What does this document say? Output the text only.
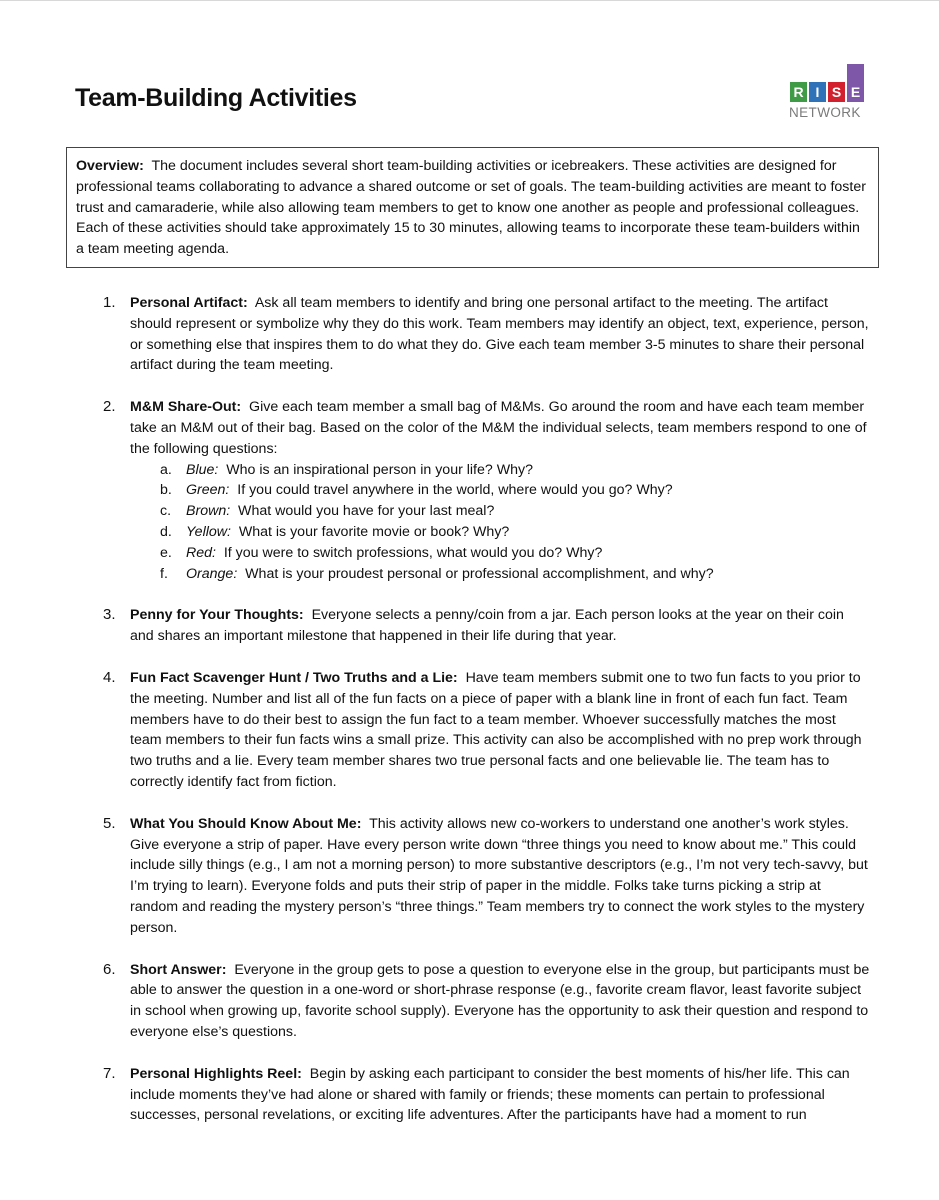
Team-Building Activities	R I S E
NETWORK
Overview: The document includes several short team-building activities or icebreakers. These activities are designed for professional teams collaborating to advance a shared outcome or set of goals. The team-building activities are meant to foster trust and camaraderie, while also allowing team members to get to know one another as people and professional colleagues. Each of these activities should take approximately 15 to 30 minutes, allowing teams to incorporate these team-builders within a team meeting agenda.
1. Personal Artifact: Ask all team members to identify and bring one personal artifact to the meeting. The artifact should represent or symbolize why they do this work. Team members may identify an object, text, experience, person, or something else that inspires them to do what they do. Give each team member 3-5 minutes to share their personal artifact during the team meeting.
2. M&M Share-Out: Give each team member a small bag of M&Ms. Go around the room and have each team member take an M&M out of their bag. Based on the color of the M&M the individual selects, team members respond to one of the following questions:
a. Blue: Who is an inspirational person in your life? Why?
b. Green: If you could travel anywhere in the world, where would you go? Why?
c. Brown: What would you have for your last meal?
d. Yellow: What is your favorite movie or book? Why?
e. Red: If you were to switch professions, what would you do? Why?
f. Orange: What is your proudest personal or professional accomplishment, and why?
3. Penny for Your Thoughts: Everyone selects a penny/coin from a jar. Each person looks at the year on their coin and shares an important milestone that happened in their life during that year.
4. Fun Fact Scavenger Hunt / Two Truths and a Lie: Have team members submit one to two fun facts to you prior to the meeting. Number and list all of the fun facts on a piece of paper with a blank line in front of each fun fact. Team members have to do their best to assign the fun fact to a team member. Whoever successfully matches the most team members to their fun facts wins a small prize. This activity can also be accomplished with no prep work through two truths and a lie. Every team member shares two true personal facts and one believable lie. The team has to correctly identify fact from fiction.
5. What You Should Know About Me: This activity allows new co-workers to understand one another’s work styles. Give everyone a strip of paper. Have every person write down “three things you need to know about me.” This could include silly things (e.g., I am not a morning person) to more substantive descriptors (e.g., I’m not very tech-savvy, but I’m trying to learn). Everyone folds and puts their strip of paper in the middle. Folks take turns picking a strip at random and reading the mystery person’s “three things.” Team members try to connect the work styles to the mystery person.
6. Short Answer: Everyone in the group gets to pose a question to everyone else in the group, but participants must be able to answer the question in a one-word or short-phrase response (e.g., favorite cream flavor, least favorite subject in school when growing up, favorite school supply). Everyone has the opportunity to ask their question and respond to everyone else’s questions.
7. Personal Highlights Reel: Begin by asking each participant to consider the best moments of his/her life. This can include moments they’ve had alone or shared with family or friends; these moments can pertain to professional successes, personal revelations, or exciting life adventures. After the participants have had a moment to run
